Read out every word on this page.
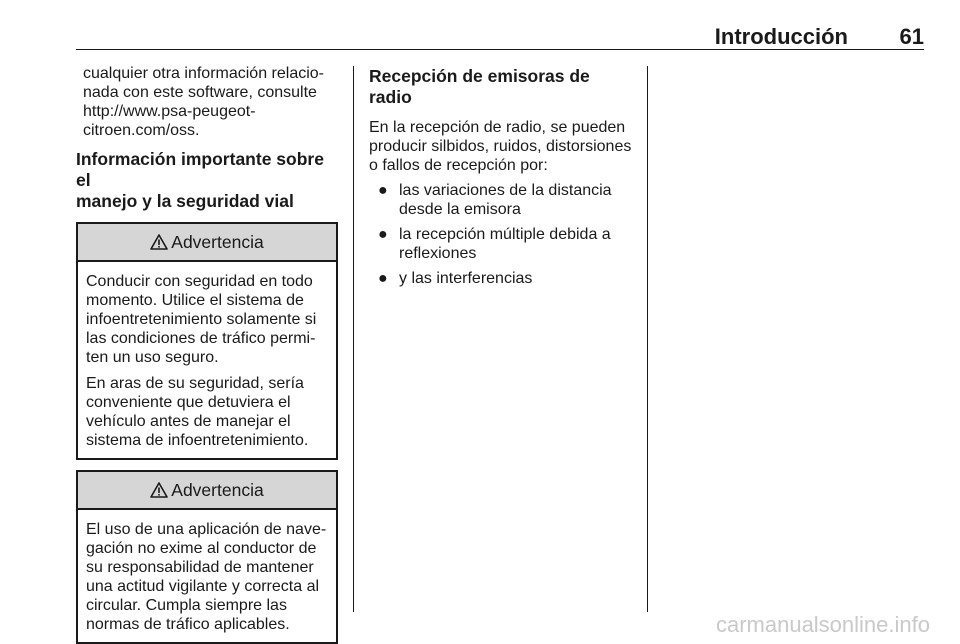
Introducción 61

cualquier otra información relacio-
nada con este software, consulte
http://www.psa-peugeot-
citroen.com/oss.

Información importante sobre el
manejo y la seguridad vial

Advertencia

Conducir con seguridad en todo
momento. Utilice el sistema de
infoentretenimiento solamente si
las condiciones de tráfico permi-
ten un uso seguro.

En aras de su seguridad, sería
conveniente que detuviera el
vehículo antes de manejar el
sistema de infoentretenimiento.

Advertencia

El uso de una aplicación de nave-
gación no exime al conductor de
su responsabilidad de mantener
una actitud vigilante y correcta al
circular. Cumpla siempre las
normas de tráfico aplicables.

Recepción de emisoras de radio

En la recepción de radio, se pueden
producir silbidos, ruidos, distorsiones
o fallos de recepción por:

● las variaciones de la distancia
desde la emisora
● la recepción múltiple debida a
reflexiones
● y las interferencias
carmanualsonline.info
